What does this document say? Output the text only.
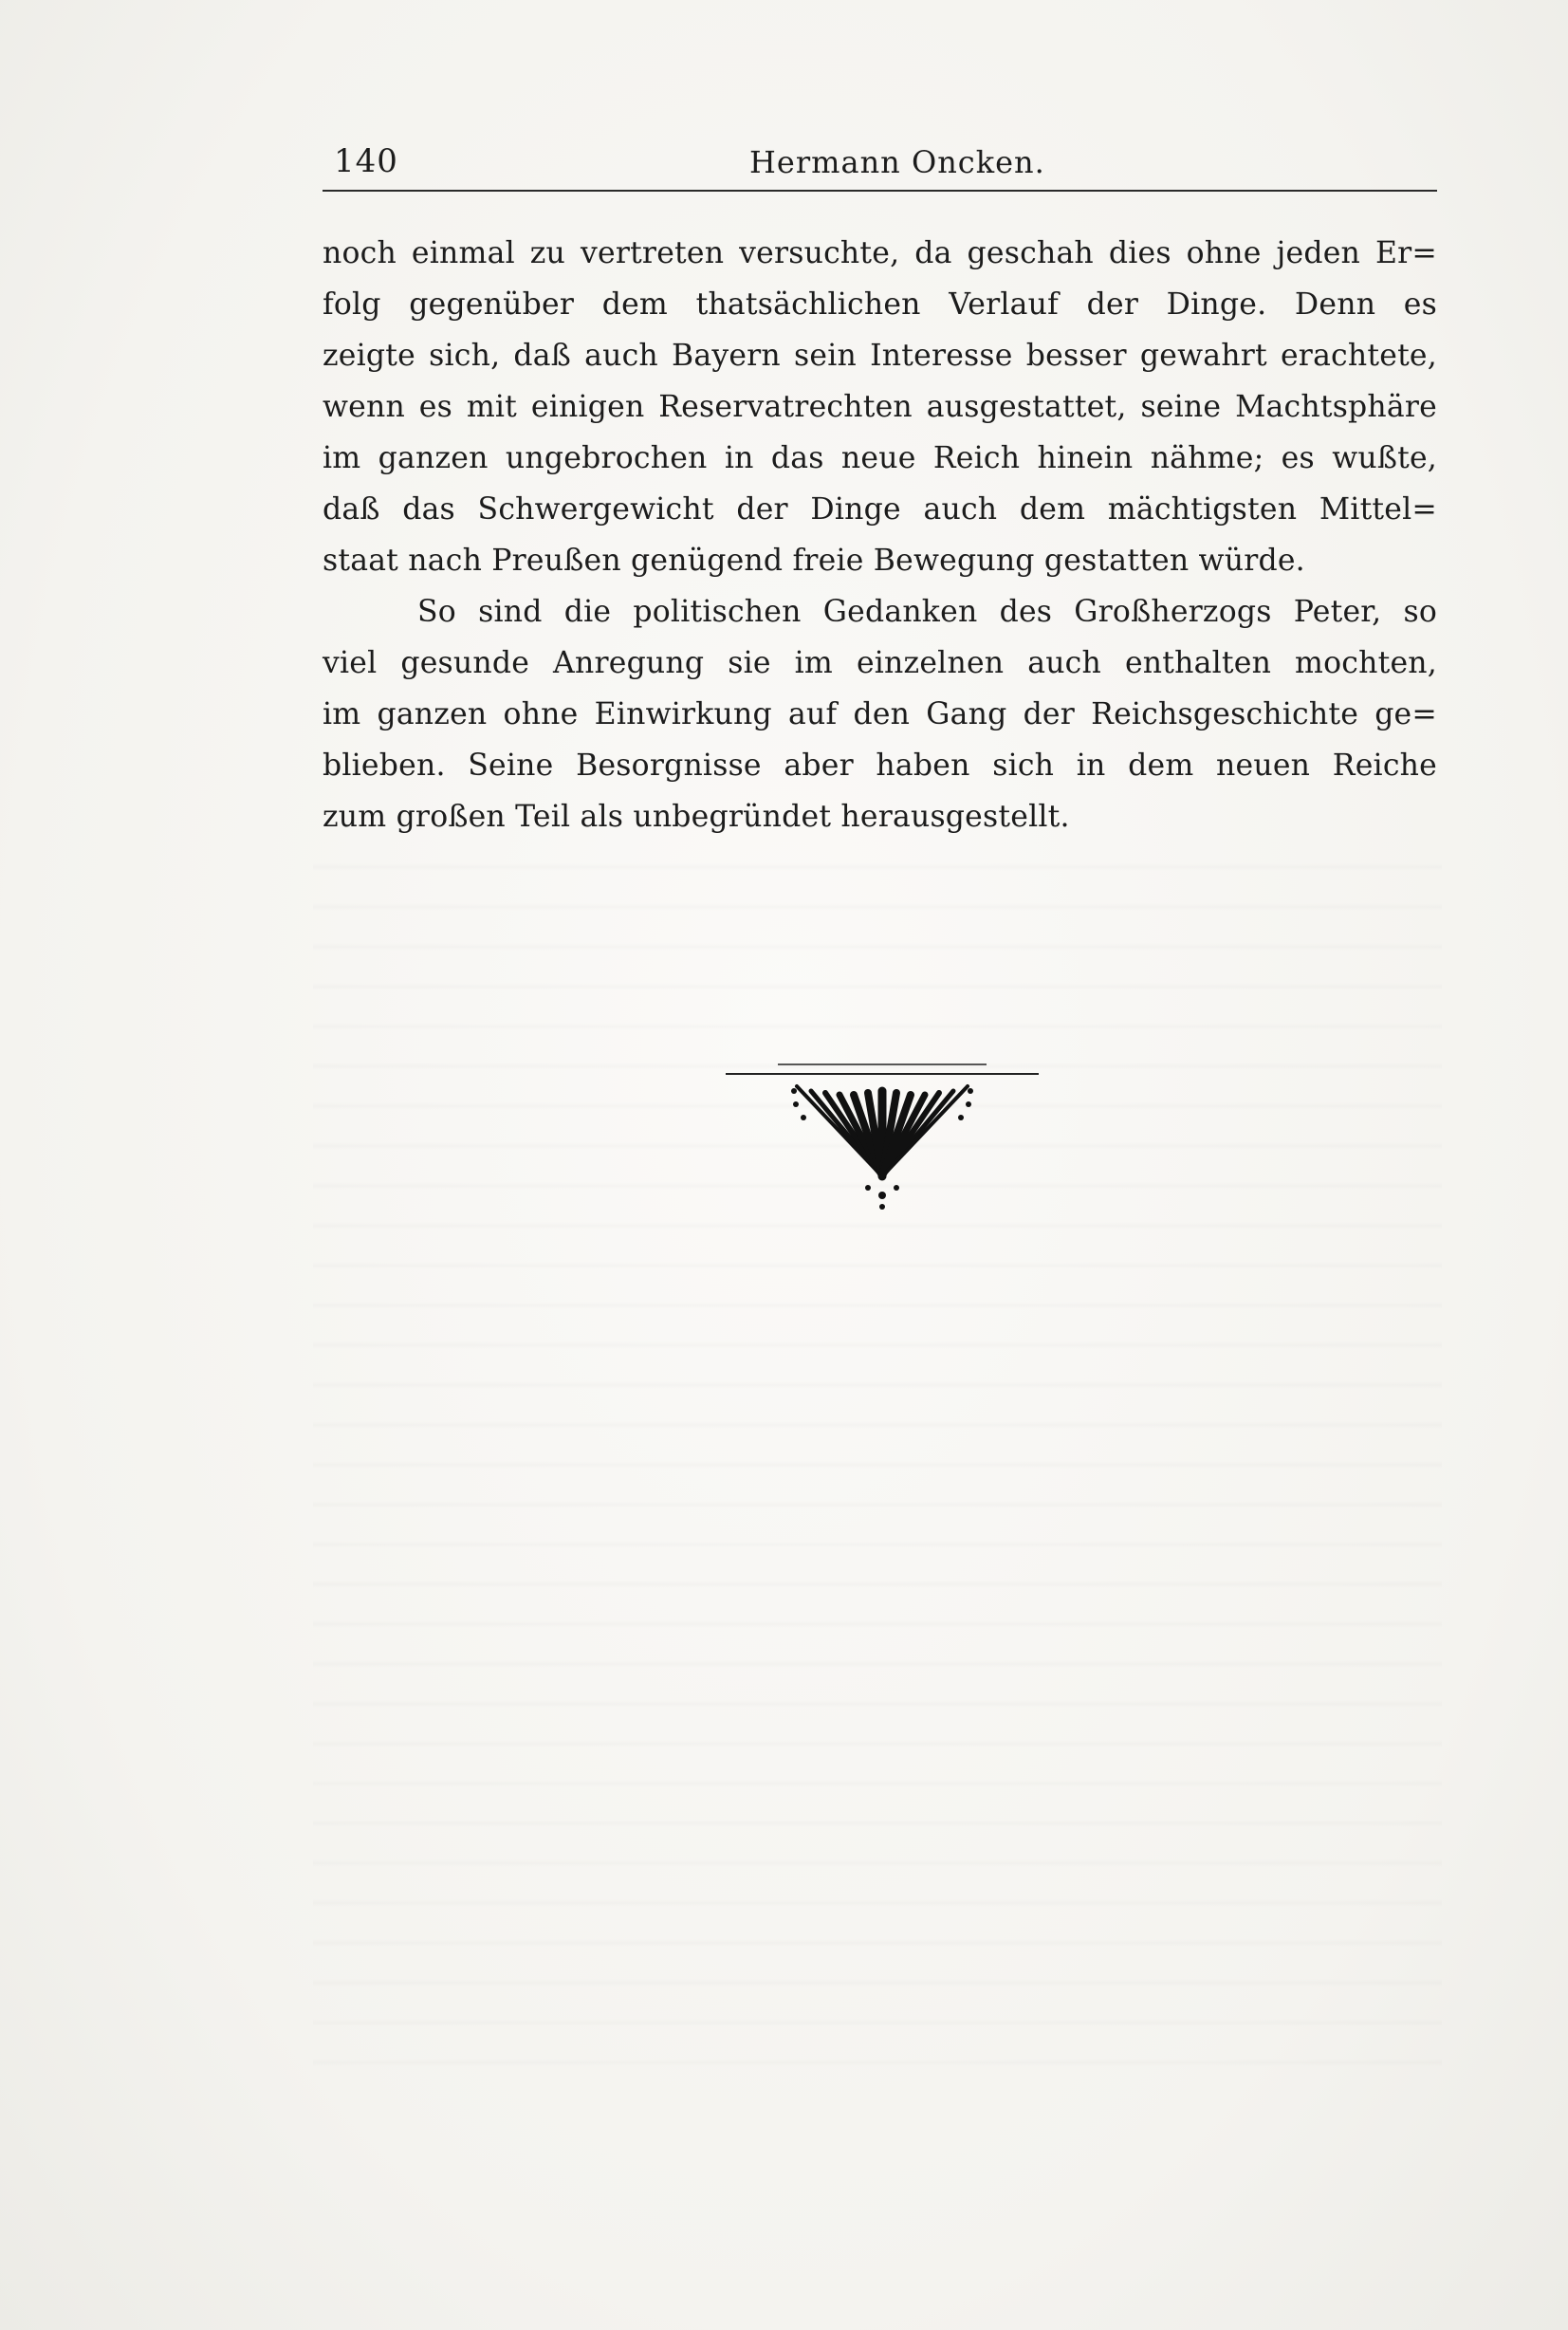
140	Hermann Oncken.
noch einmal zu vertreten versuchte, da geschah dies ohne jeden Er=
folg gegenüber dem thatsächlichen Verlauf der Dinge. Denn es
zeigte sich, daß auch Bayern sein Interesse besser gewahrt erachtete,
wenn es mit einigen Reservatrechten ausgestattet, seine Machtsphäre
im ganzen ungebrochen in das neue Reich hinein nähme; es wußte,
daß das Schwergewicht der Dinge auch dem mächtigsten Mittel=
staat nach Preußen genügend freie Bewegung gestatten würde.
So sind die politischen Gedanken des Großherzogs Peter, so
viel gesunde Anregung sie im einzelnen auch enthalten mochten,
im ganzen ohne Einwirkung auf den Gang der Reichsgeschichte ge=
blieben. Seine Besorgnisse aber haben sich in dem neuen Reiche
zum großen Teil als unbegründet herausgestellt.
